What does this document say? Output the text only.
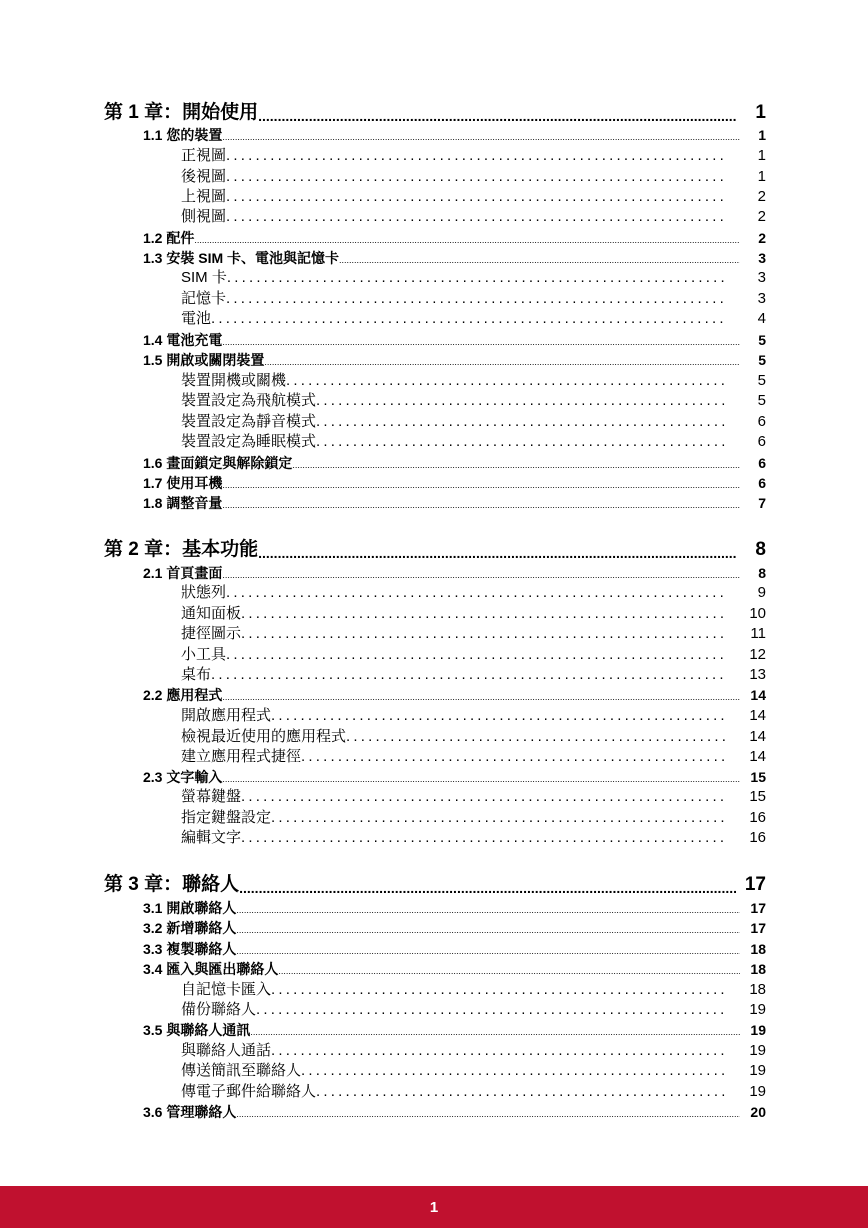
第 1 章：開始使用 .....	1
1.1 您的裝置 .....	1
正視圖 .....	1
後視圖 .....	1
上視圖 .....	2
側視圖 .....	2
1.2 配件 .....	2
1.3 安裝 SIM 卡、電池與記憶卡 .....	3
SIM 卡 .....	3
記憶卡 .....	3
電池 .....	4
1.4 電池充電 .....	5
1.5 開啟或關閉裝置 .....	5
裝置開機或關機 .....	5
裝置設定為飛航模式 .....	5
裝置設定為靜音模式 .....	6
裝置設定為睡眠模式 .....	6
1.6 畫面鎖定與解除鎖定 .....	6
1.7 使用耳機 .....	6
1.8 調整音量 .....	7
第 2 章：基本功能 .....	8
2.1 首頁畫面 .....	8
狀態列 .....	9
通知面板 .....	10
捷徑圖示 .....	11
小工具 .....	12
桌布 .....	13
2.2 應用程式 .....	14
開啟應用程式 .....	14
檢視最近使用的應用程式 .....	14
建立應用程式捷徑 .....	14
2.3 文字輸入 .....	15
螢幕鍵盤 .....	15
指定鍵盤設定 .....	16
編輯文字 .....	16
第 3 章：聯絡人 .....	17
3.1 開啟聯絡人 .....	17
3.2 新增聯絡人 .....	17
3.3 複製聯絡人 .....	18
3.4 匯入與匯出聯絡人 .....	18
自記憶卡匯入 .....	18
備份聯絡人 .....	19
3.5 與聯絡人通訊 .....	19
與聯絡人通話 .....	19
傳送簡訊至聯絡人 .....	19
傳電子郵件給聯絡人 .....	19
3.6 管理聯絡人 .....	20
1
